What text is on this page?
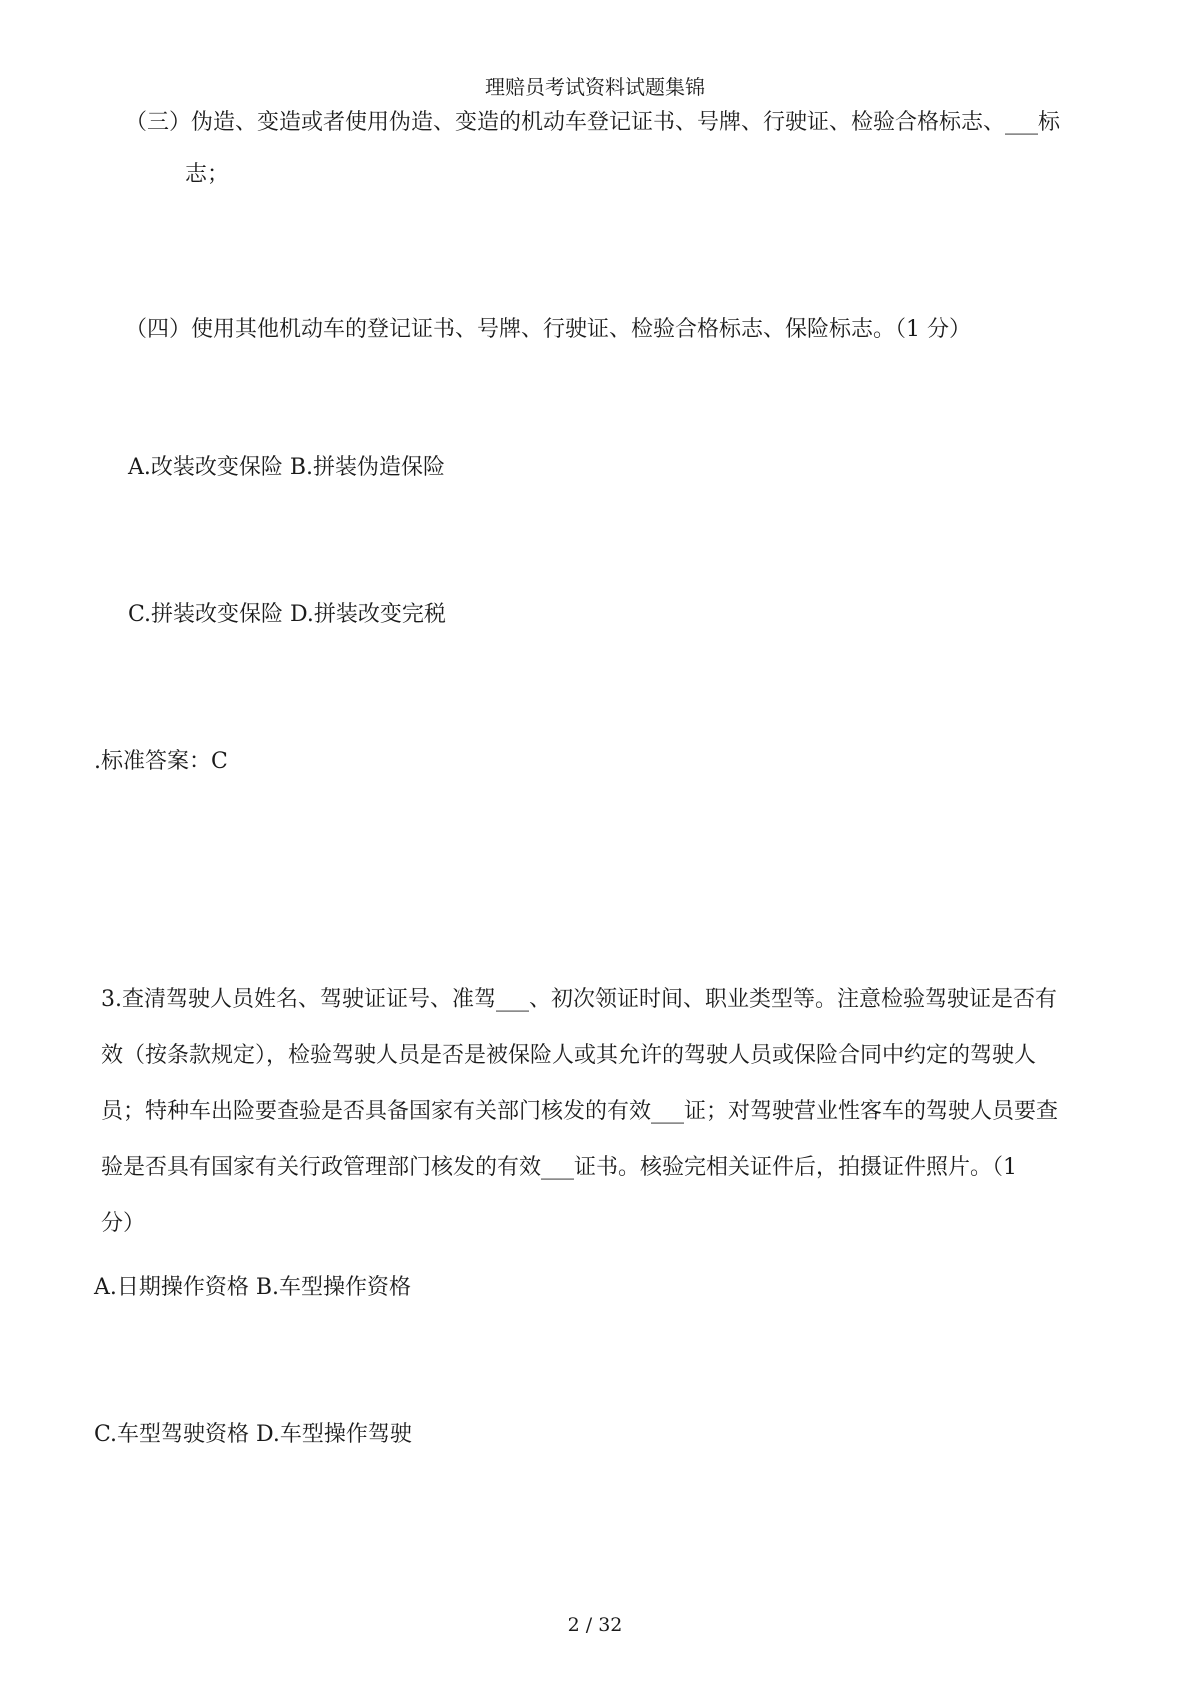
理赔员考试资料试题集锦
（三）伪造、变造或者使用伪造、变造的机动车登记证书、号牌、行驶证、检验合格标志、___标
志；
（四）使用其他机动车的登记证书、号牌、行驶证、检验合格标志、保险标志。（1 分）
A.改装改变保险 B.拼装伪造保险
C.拼装改变保险 D.拼装改变完税
.标准答案：C
3.查清驾驶人员姓名、驾驶证证号、准驾___、初次领证时间、职业类型等。注意检验驾驶证是否有
效（按条款规定），检验驾驶人员是否是被保险人或其允许的驾驶人员或保险合同中约定的驾驶人
员；特种车出险要查验是否具备国家有关部门核发的有效___证；对驾驶营业性客车的驾驶人员要查
验是否具有国家有关行政管理部门核发的有效___证书。核验完相关证件后，拍摄证件照片。（1
分）
A.日期操作资格 B.车型操作资格
C.车型驾驶资格 D.车型操作驾驶
2 / 32
